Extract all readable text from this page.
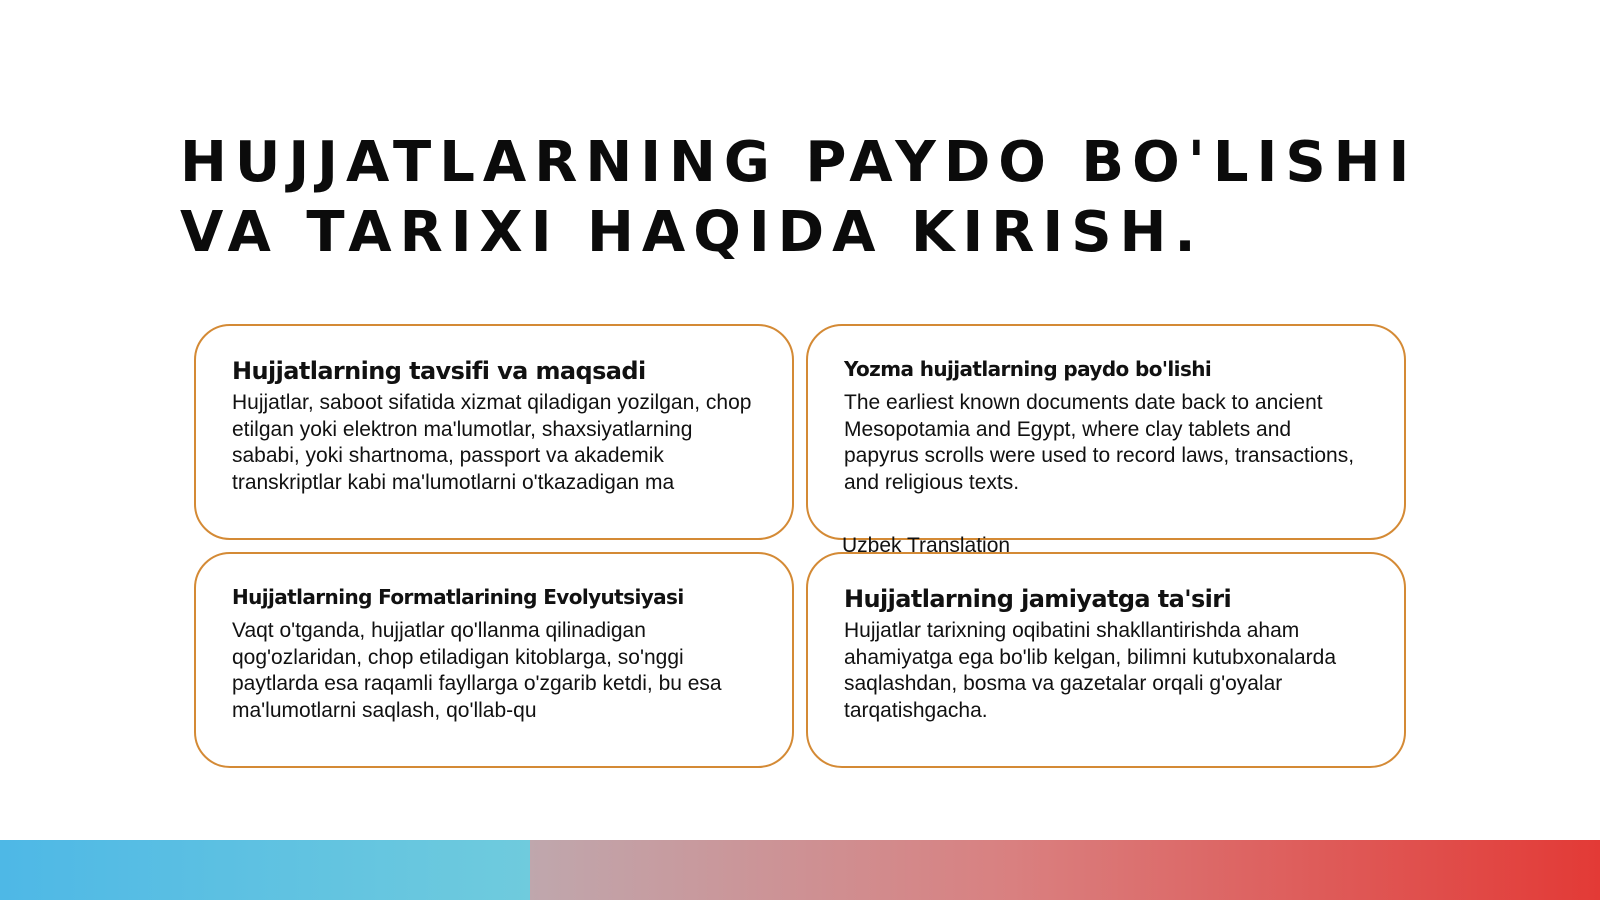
HUJJATLARNING PAYDO BO'LISHI
VA TARIXI HAQIDA KIRISH.
Hujjatlarning tavsifi va maqsadi
Hujjatlar, saboot sifatida xizmat qiladigan yozilgan, chop etilgan yoki elektron ma'lumotlar, shaxsiyatlarning sababi, yoki shartnoma, passport va akademik transkriptlar kabi ma'lumotlarni o'tkazadigan ma
Yozma hujjatlarning paydo bo'lishi
The earliest known documents date back to ancient Mesopotamia and Egypt, where clay tablets and papyrus scrolls were used to record laws, transactions, and religious texts.
Hujjatlarning Formatlarining Evolyutsiyasi
Vaqt o'tganda, hujjatlar qo'llanma qilinadigan qog'ozlaridan, chop etiladigan kitoblarga, so'nggi paytlarda esa raqamli fayllarga o'zgarib ketdi, bu esa ma'lumotlarni saqlash, qo'llab-qu
Hujjatlarning jamiyatga ta'siri
Hujjatlar tarixning oqibatini shakllantirishda aham ahamiyatga ega bo'lib kelgan, bilimni kutubxonalarda saqlashdan, bosma va gazetalar orqali g'oyalar tarqatishgacha.
Uzbek Translation
